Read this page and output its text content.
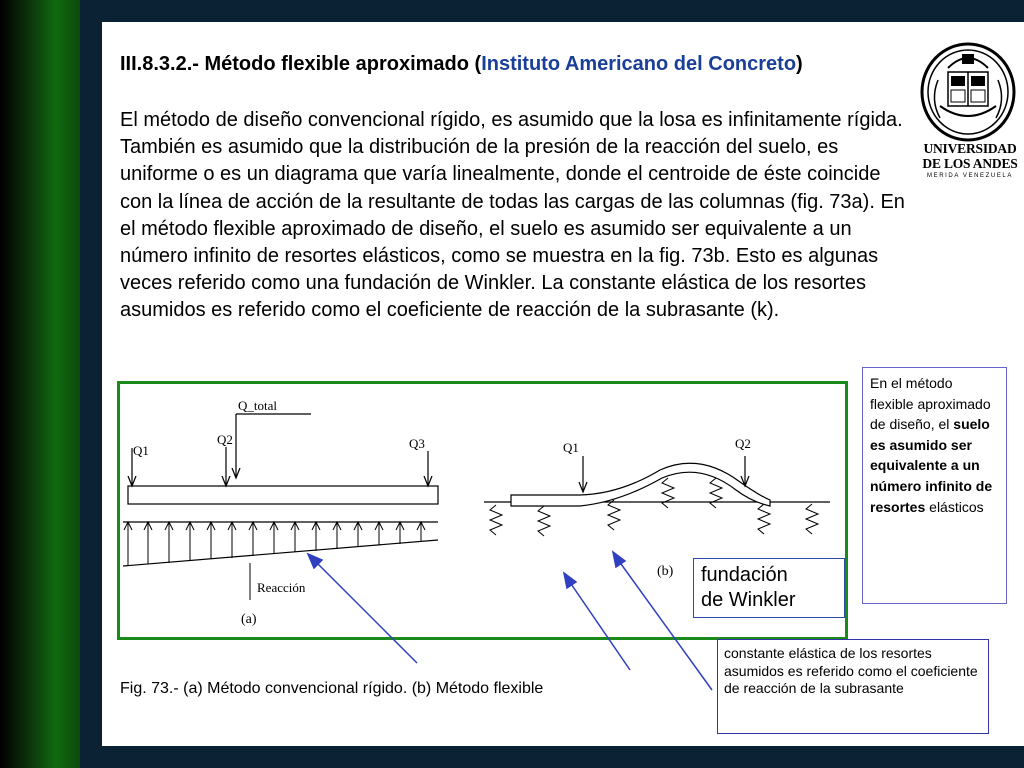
III.8.3.2.- Método flexible aproximado (Instituto Americano del Concreto)
El método de diseño convencional rígido, es asumido que la losa es infinitamente rígida. También es asumido que la distribución de la presión de la reacción del suelo, es uniforme o es un diagrama que varía linealmente, donde el centroide de éste coincide con la línea de acción de la resultante de todas las cargas de las columnas (fig. 73a). En el método flexible aproximado de diseño, el suelo es asumido ser equivalente a un número infinito de resortes elásticos, como se muestra en la fig. 73b. Esto es algunas veces referido como una fundación de Winkler. La constante elástica de los resortes asumidos es referido como el coeficiente de reacción de la subrasante (k).
UNIVERSIDAD
DE LOS ANDES
MERIDA VENEZUELA
Q_total
Q1
Q2	Q3
Reacción
(a)
Q1	Q2
(b) fundación
de Winkler
En el método flexible aproximado de diseño, el suelo es asumido ser equivalente a un número infinito de resortes elásticos
constante elástica de los resortes asumidos es referido como el coeficiente de reacción de la subrasante
Fig. 73.- (a) Método convencional rígido. (b) Método flexible
